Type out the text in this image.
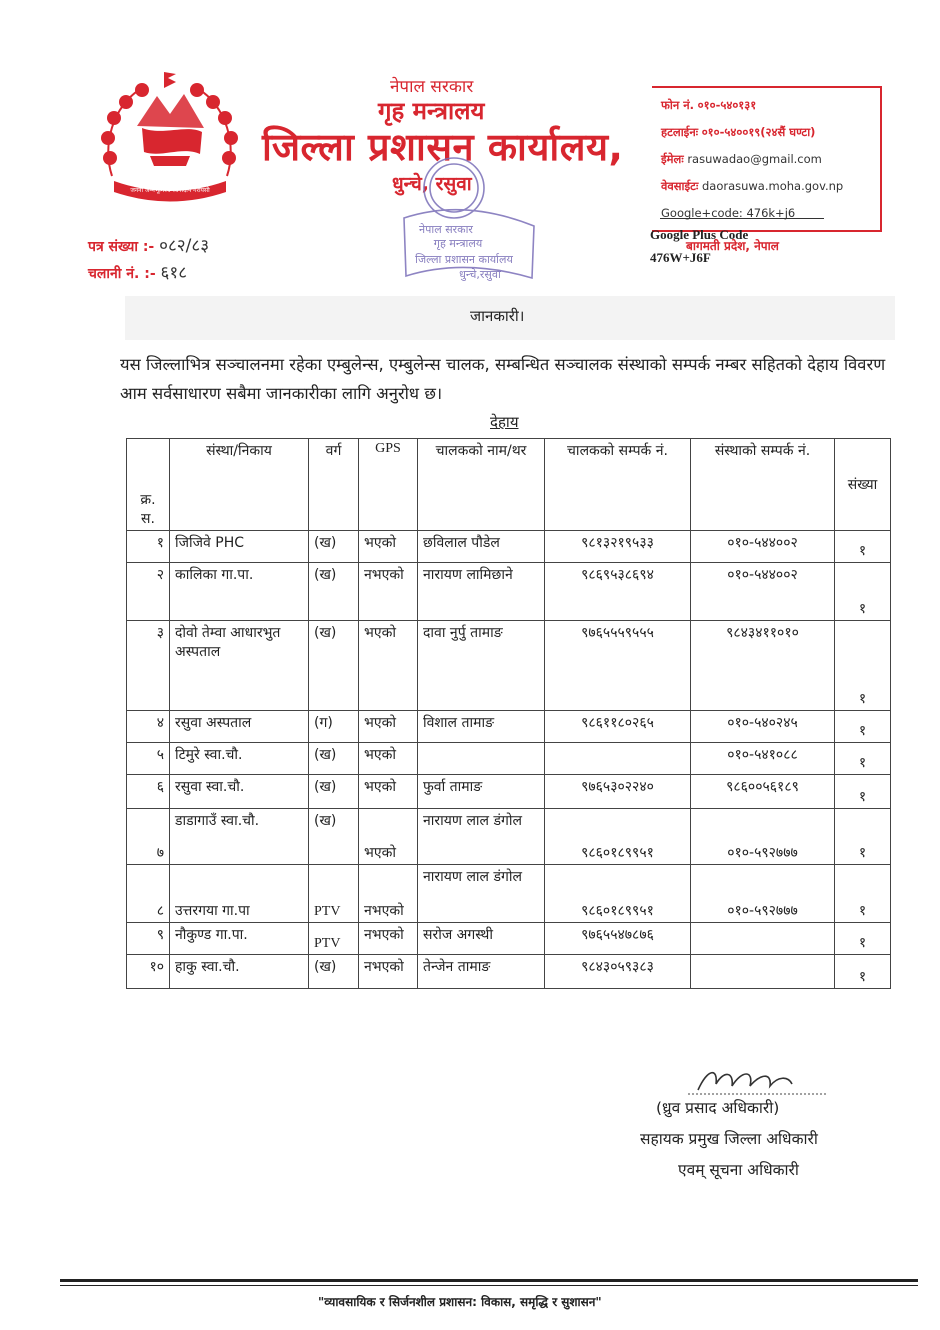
जननी जन्मभूमिश्च स्वर्गादपि गरीयसी
नेपाल सरकार
गृह मन्त्रालय
जिल्ला प्रशासन कार्यालय,
धुन्चे, रसुवा
नेपाल सरकार
गृह मन्त्रालय
जिल्ला प्रशासन कार्यालय
धुन्चे,रसुवा
फोन नं. ०१०-५४०१३१
हटलाईनः ०१०-५४००१९(२४सैं घण्टा)
ईमेलः rasuwadao@gmail.com
वेवसाईटः daorasuwa.moha.gov.np
Google+code: 476k+j6
Google Plus Code
बागमती प्रदेश, नेपाल
476W+J6F
पत्र संख्या :- ०८२/८३
चलानी नं. :- ६१८
जानकारी।
यस जिल्लाभित्र सञ्चालनमा रहेका एम्बुलेन्स, एम्बुलेन्स चालक, सम्बन्धित सञ्चालक संस्थाको सम्पर्क नम्बर सहितको देहाय विवरण आम सर्वसाधारण सबैमा जानकारीका लागि अनुरोध छ।
देहाय
क्र. स.	संस्था/निकाय	वर्ग	GPS	चालकको नाम/थर	चालकको सम्पर्क नं.	संस्थाको सम्पर्क नं.	संख्या
१	जिजिवे PHC	(ख)	भएको	छविलाल पौडेल	९८१३२१९५३३	०१०-५४४००२	१
२	कालिका गा.पा.	(ख)	नभएको	नारायण लामिछाने	९८६९५३८६९४	०१०-५४४००२	१
३	दोवो तेम्वा आधारभुत अस्पताल	(ख)	भएको	दावा नुर्पु तामाङ	९७६५५५९५५५	९८४३४११०१०	१
४	रसुवा अस्पताल	(ग)	भएको	विशाल तामाङ	९८६११८०२६५	०१०-५४०२४५	१
५	टिमुरे स्वा.चौ.	(ख)	भएको			०१०-५४१०८८	१
६	रसुवा स्वा.चौ.	(ख)	भएको	फुर्वा तामाङ	९७६५३०२२४०	९८६००५६१८९	१
७	डाडागाउँ स्वा.चौ.	(ख)	भएको	नारायण लाल डंगोल	९८६०१८९९५१	०१०-५९२७७७	१
८	उत्तरगया गा.पा	PTV	नभएको	नारायण लाल डंगोल	९८६०१८९९५१	०१०-५९२७७७	१
९	नौकुण्ड गा.पा.	PTV	नभएको	सरोज अगस्थी	९७६५५४७८७६		१
१०	हाकु स्वा.चौ.	(ख)	नभएको	तेन्जेन तामाङ	९८४३०५९३८३		१
(ध्रुव प्रसाद अधिकारी)
सहायक प्रमुख जिल्ला अधिकारी
एवम् सूचना अधिकारी
"व्यावसायिक र सिर्जनशील प्रशासन: विकास, समृद्धि र सुशासन"
